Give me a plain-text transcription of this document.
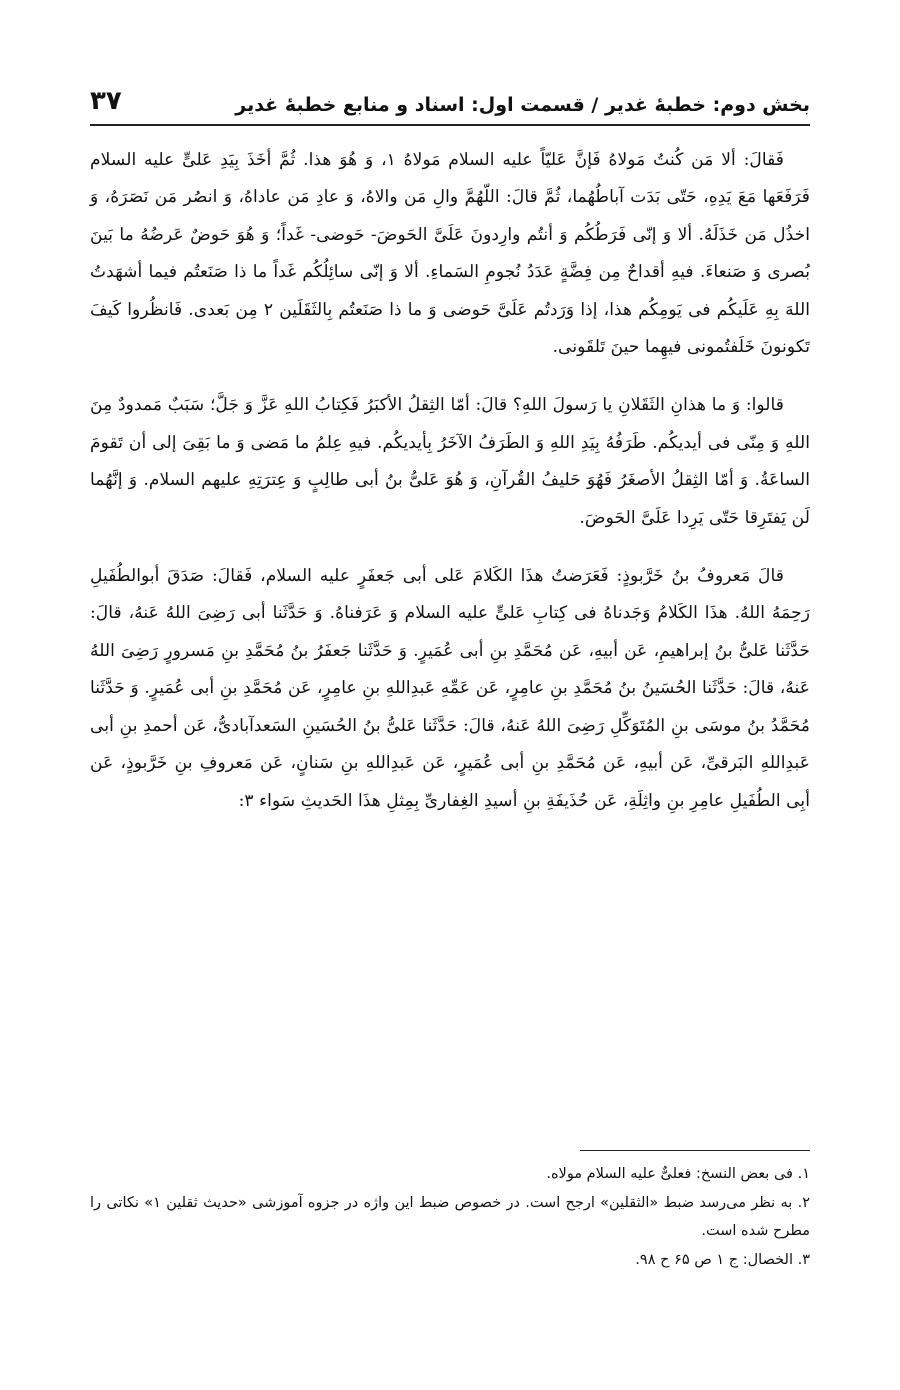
بخش دوم: خطبهٔ غدیر / قسمت اول: اسناد و منابع خطبهٔ غدیر
۳۷

فَقالَ: ألا مَن کُنتُ مَولاهُ فَإنَّ عَلیّاً عليه السلام مَولاهُ ١، وَ هُوَ هذا. ثُمَّ أخَذَ بِیَدِ عَلیٍّ عليه السلام فَرَفَعَها مَعَ یَدِهِ، حَتّی بَدَت آباطُهُما، ثُمَّ قالَ: اللّهُمَّ والِ مَن والاهُ، وَ عادِ مَن عاداهُ، وَ انصُر مَن نَصَرَهُ، وَ اخذُل مَن خَذَلَهُ. ألا وَ إنّی فَرَطُکُم وَ أنتُم وارِدونَ عَلَیَّ الحَوضَ- حَوضی- غَداً؛ وَ هُوَ حَوضٌ عَرضُهُ ما بَینَ بُصری وَ صَنعاءَ. فیهِ أقداحٌ مِن فِضَّةٍ عَدَدُ نُجومِ السَماءِ. ألا وَ إنّی سائِلُکُم غَداً ما ذا صَنَعتُم فیما أشهَدتُ اللهَ بِهِ عَلَیکُم فی یَومِکُم هذا، إذا وَرَدتُم عَلَیَّ حَوضی وَ ما ذا صَنَعتُم بِالثَقَلَین ٢ مِن بَعدی. فَانظُروا کَیفَ تَکونونَ خَلَفتُمونی فیهِما حینَ تَلقَونی.

قالوا: وَ ما هذانِ الثَقَلانِ یا رَسولَ اللهِ؟ قالَ: أمّا الثِقلُ الأکبَرُ فَکِتابُ اللهِ عَزَّ وَ جَلَّ؛ سَبَبٌ مَمدودٌ مِنَ اللهِ وَ مِنّی فی أیدیکُم. طَرَفُهُ بِیَدِ اللهِ وَ الطَرَفُ الآخَرُ بِأیدیکُم. فیهِ عِلمُ ما مَضی وَ ما بَقِیَ إلی أن تَقومَ الساعَةُ. وَ أمّا الثِقلُ الأصغَرُ فَهُوَ حَلیفُ القُرآنِ، وَ هُوَ عَلیُّ بنُ أبی طالِبٍ وَ عِترَتِهِ عليهم السلام. وَ إنَّهُما لَن یَفتَرِقا حَتّی یَرِدا عَلَیَّ الحَوضَ.

قالَ مَعروفُ بنُ خَرَّبوذٍ: فَعَرَضتُ هذَا الکَلامَ عَلی أبی جَعفَرٍ عليه السلام، فَقالَ: صَدَقَ أبوالطُفَیلِ رَحِمَهُ اللهُ. هذَا الکَلامُ وَجَدناهُ فی کِتابِ عَلیٍّ عليه السلام وَ عَرَفناهُ. وَ حَدَّثَنا أبی رَضِیَ اللهُ عَنهُ، قالَ: حَدَّثَنا عَلیُّ بنُ إبراهیمِ، عَن أبیهِ، عَن مُحَمَّدِ بنِ أبی عُمَیرٍ. وَ حَدَّثَنا جَعفَرُ بنُ مُحَمَّدِ بنِ مَسرورٍ رَضِیَ اللهُ عَنهُ، قالَ: حَدَّثَنا الحُسَینُ بنُ مُحَمَّدِ بنِ عامِرٍ، عَن عَمِّهِ عَبدِاللهِ بنِ عامِرٍ، عَن مُحَمَّدِ بنِ أبی عُمَیرٍ. وَ حَدَّثَنا مُحَمَّدُ بنُ موسَی بنِ المُتَوَکِّلِ رَضِیَ اللهُ عَنهُ، قالَ: حَدَّثَنا عَلیُّ بنُ الحُسَینِ السَعدآبادیُّ، عَن أحمدِ بنِ أبی عَبدِاللهِ البَرقیِّ، عَن أبیهِ، عَن مُحَمَّدِ بنِ أبی عُمَیرٍ، عَن عَبدِاللهِ بنِ سَنانٍ، عَن مَعروفِ بنِ خَرَّبوذٍ، عَن أبِی الطُفَیلِ عامِرِ بنِ واثِلَةِ، عَن حُذَیفَةِ بنِ أسیدِ الغِفاریِّ بِمِثلِ هذَا الحَدیثِ سَواء ٣:

١. فی بعض النسخ: فعلیٌّ عليه السلام مولاه.

٢. به نظر می‌رسد ضبط «الثقلین» ارجح است. در خصوص ضبط این واژه در جزوه آموزشی «حدیث ثقلین ١» نکاتی را مطرح شده است.

٣. الخصال: ج ١ ص ۶۵ ح ٩٨.
